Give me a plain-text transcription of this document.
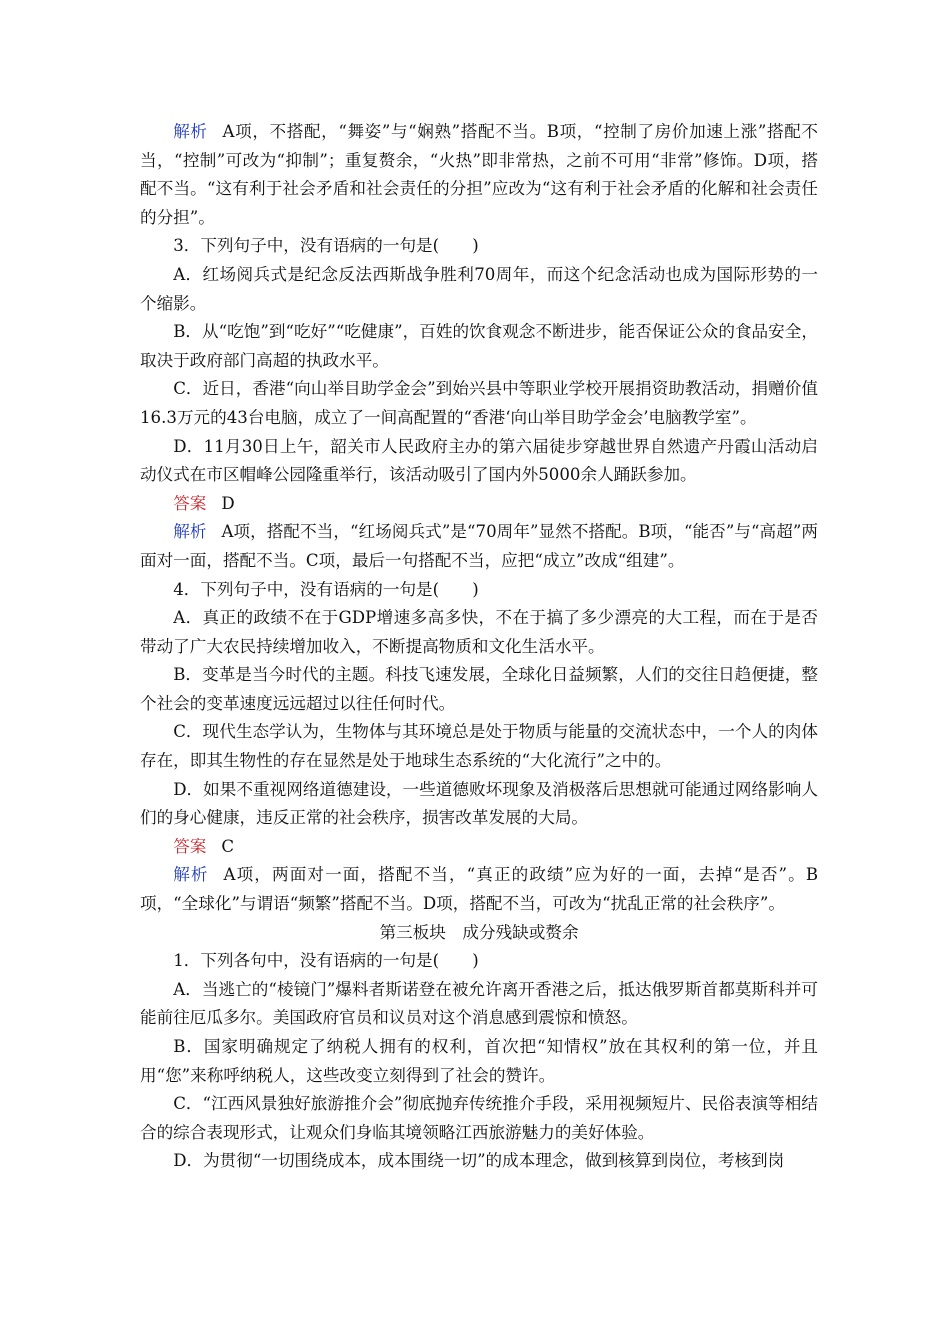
解析 A项，不搭配，“舞姿”与“娴熟”搭配不当。B项，“控制了房价加速上涨”搭配不当，“控制”可改为“抑制”；重复赘余，“火热”即非常热，之前不可用“非常”修饰。D项，搭配不当。“这有利于社会矛盾和社会责任的分担”应改为“这有利于社会矛盾的化解和社会责任的分担”。

3．下列句子中，没有语病的一句是(　　)

A．红场阅兵式是纪念反法西斯战争胜利70周年，而这个纪念活动也成为国际形势的一个缩影。

B．从“吃饱”到“吃好”“吃健康”，百姓的饮食观念不断进步，能否保证公众的食品安全，取决于政府部门高超的执政水平。

C．近日，香港“向山举目助学金会”到始兴县中等职业学校开展捐资助教活动，捐赠价值16.3万元的43台电脑，成立了一间高配置的“香港‘向山举目助学金会’电脑教学室”。

D．11月30日上午，韶关市人民政府主办的第六届徒步穿越世界自然遗产丹霞山活动启动仪式在市区帽峰公园隆重举行，该活动吸引了国内外5000余人踊跃参加。

答案 D

解析 A项，搭配不当，“红场阅兵式”是“70周年”显然不搭配。B项，“能否”与“高超”两面对一面，搭配不当。C项，最后一句搭配不当，应把“成立”改成“组建”。

4．下列句子中，没有语病的一句是(　　)

A．真正的政绩不在于GDP增速多高多快，不在于搞了多少漂亮的大工程，而在于是否带动了广大农民持续增加收入，不断提高物质和文化生活水平。

B．变革是当今时代的主题。科技飞速发展，全球化日益频繁，人们的交往日趋便捷，整个社会的变革速度远远超过以往任何时代。

C．现代生态学认为，生物体与其环境总是处于物质与能量的交流状态中，一个人的肉体存在，即其生物性的存在显然是处于地球生态系统的“大化流行”之中的。

D．如果不重视网络道德建设，一些道德败坏现象及消极落后思想就可能通过网络影响人们的身心健康，违反正常的社会秩序，损害改革发展的大局。

答案 C

解析 A项，两面对一面，搭配不当，“真正的政绩”应为好的一面，去掉“是否”。B项，“全球化”与谓语“频繁”搭配不当。D项，搭配不当，可改为“扰乱正常的社会秩序”。

第三板块　成分残缺或赘余

1．下列各句中，没有语病的一句是(　　)

A．当逃亡的“棱镜门”爆料者斯诺登在被允许离开香港之后，抵达俄罗斯首都莫斯科并可能前往厄瓜多尔。美国政府官员和议员对这个消息感到震惊和愤怒。

B．国家明确规定了纳税人拥有的权利，首次把“知情权”放在其权利的第一位，并且用“您”来称呼纳税人，这些改变立刻得到了社会的赞许。

C．“江西风景独好旅游推介会”彻底抛弃传统推介手段，采用视频短片、民俗表演等相结合的综合表现形式，让观众们身临其境领略江西旅游魅力的美好体验。

D．为贯彻“一切围绕成本，成本围绕一切”的成本理念，做到核算到岗位，考核到岗
